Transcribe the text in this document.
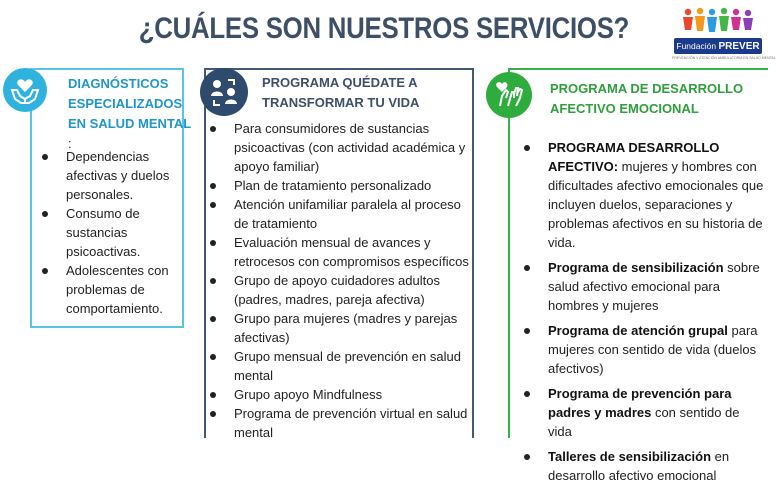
¿CUÁLES SON NUESTROS SERVICIOS?
Fundación PREVER
PREVENCIÓN Y ATENCIÓN AMBULATORIA EN SALUD MENTAL
DIAGNÓSTICOS
ESPECIALIZADOS
EN SALUD MENTAL :
Dependencias afectivas y duelos personales.
Consumo de sustancias psicoactivas.
Adolescentes con problemas de comportamiento.
PROGRAMA QUÉDATE A
TRANSFORMAR TU VIDA
Para consumidores de sustancias psicoactivas (con actividad académica y apoyo familiar)
Plan de tratamiento personalizado
Atención unifamiliar paralela al proceso de tratamiento
Evaluación mensual de avances y retrocesos con compromisos específicos
Grupo de apoyo cuidadores adultos (padres, madres, pareja afectiva)
Grupo para mujeres (madres y parejas afectivas)
Grupo mensual de prevención en salud mental
Grupo apoyo Mindfulness
Programa de prevención virtual en salud mental
PROGRAMA DE DESARROLLO
AFECTIVO EMOCIONAL
PROGRAMA DESARROLLO AFECTIVO: mujeres y hombres con dificultades afectivo emocionales que incluyen duelos, separaciones y problemas afectivos en su historia de vida.
Programa de sensibilización sobre salud afectivo emocional para hombres y mujeres
Programa de atención grupal para mujeres con sentido de vida (duelos afectivos)
Programa de prevención para padres y madres con sentido de vida
Talleres de sensibilización en desarrollo afectivo emocional
